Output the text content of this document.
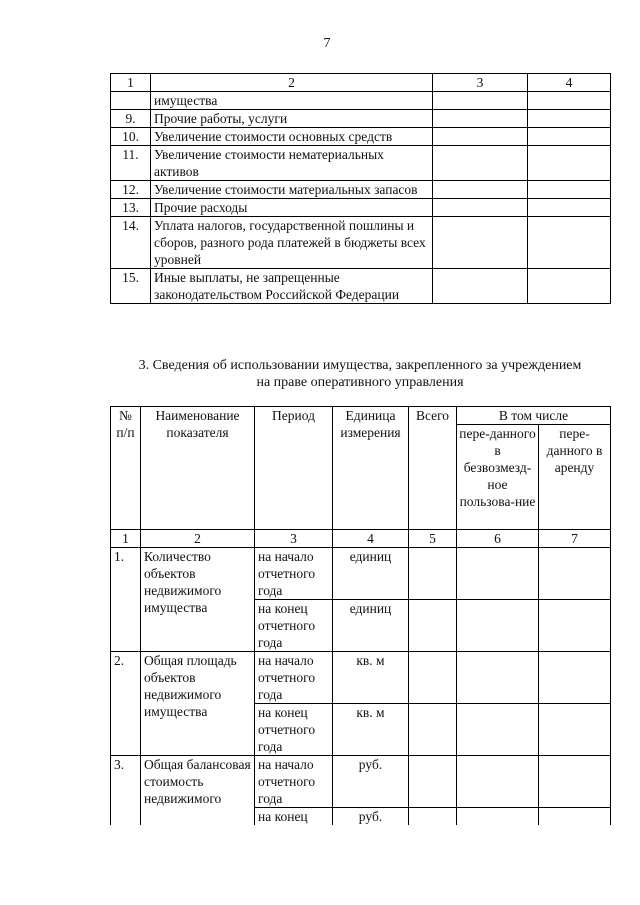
7
1	2	3	4
	имущества		
9.	Прочие работы, услуги		
10.	Увеличение стоимости основных средств		
11.	Увеличение стоимости нематериальных активов		
12.	Увеличение стоимости материальных запасов		
13.	Прочие расходы		
14.	Уплата налогов, государственной пошлины и сборов, разного рода платежей в бюджеты всех уровней		
15.	Иные выплаты, не запрещенные законодательством Российской Федерации		
3. Сведения об использовании имущества, закрепленного за учреждением
на праве оперативного управления
№ п/п	Наименование показателя	Период	Единица измерения	Всего	В том числе	
					пере-данного в безвозмезд-ное пользова-ние	пере-данного в аренду
1	2	3	4	5	6	7
1.	Количество объектов недвижимого имущества	на начало отчетного года	единиц			
		на конец отчетного года	единиц			
2.	Общая площадь объектов недвижимого имущества	на начало отчетного года	кв. м			
		на конец отчетного года	кв. м			
3.	Общая балансовая стоимость недвижимого	на начало отчетного года	руб.			
		на конец	руб.			
